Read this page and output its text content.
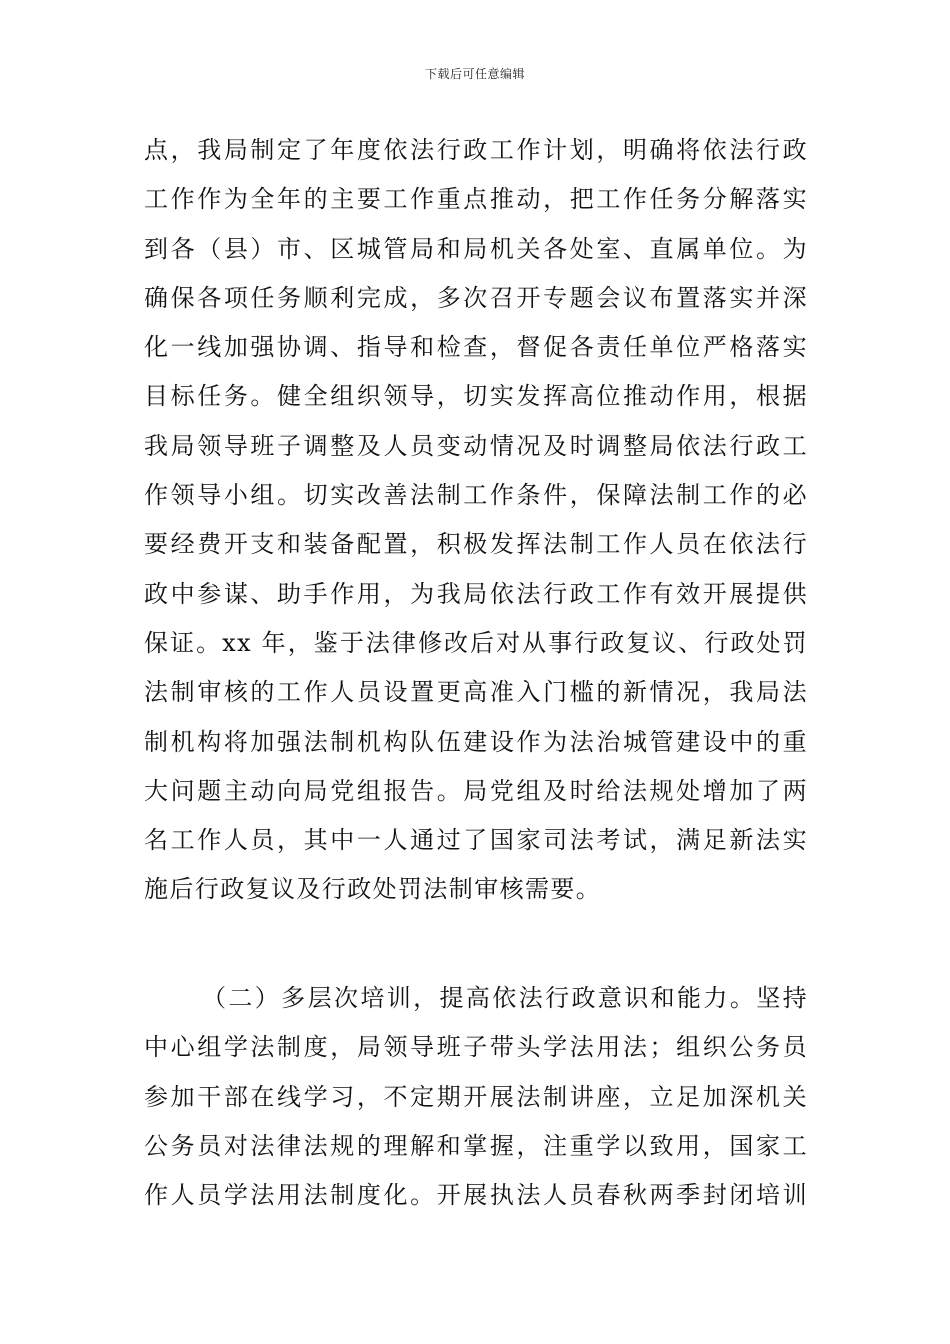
下载后可任意编辑
点，我局制定了年度依法行政工作计划，明确将依法行政
工作作为全年的主要工作重点推动，把工作任务分解落实
到各（县）市、区城管局和局机关各处室、直属单位。为
确保各项任务顺利完成，多次召开专题会议布置落实并深
化一线加强协调、指导和检查，督促各责任单位严格落实
目标任务。健全组织领导，切实发挥高位推动作用，根据
我局领导班子调整及人员变动情况及时调整局依法行政工
作领导小组。切实改善法制工作条件，保障法制工作的必
要经费开支和装备配置，积极发挥法制工作人员在依法行
政中参谋、助手作用，为我局依法行政工作有效开展提供
保证。xx 年，鉴于法律修改后对从事行政复议、行政处罚
法制审核的工作人员设置更高准入门槛的新情况，我局法
制机构将加强法制机构队伍建设作为法治城管建设中的重
大问题主动向局党组报告。局党组及时给法规处增加了两
名工作人员，其中一人通过了国家司法考试，满足新法实
施后行政复议及行政处罚法制审核需要。
（二）多层次培训，提高依法行政意识和能力。坚持
中心组学法制度，局领导班子带头学法用法；组织公务员
参加干部在线学习，不定期开展法制讲座，立足加深机关
公务员对法律法规的理解和掌握，注重学以致用，国家工
作人员学法用法制度化。开展执法人员春秋两季封闭培训
